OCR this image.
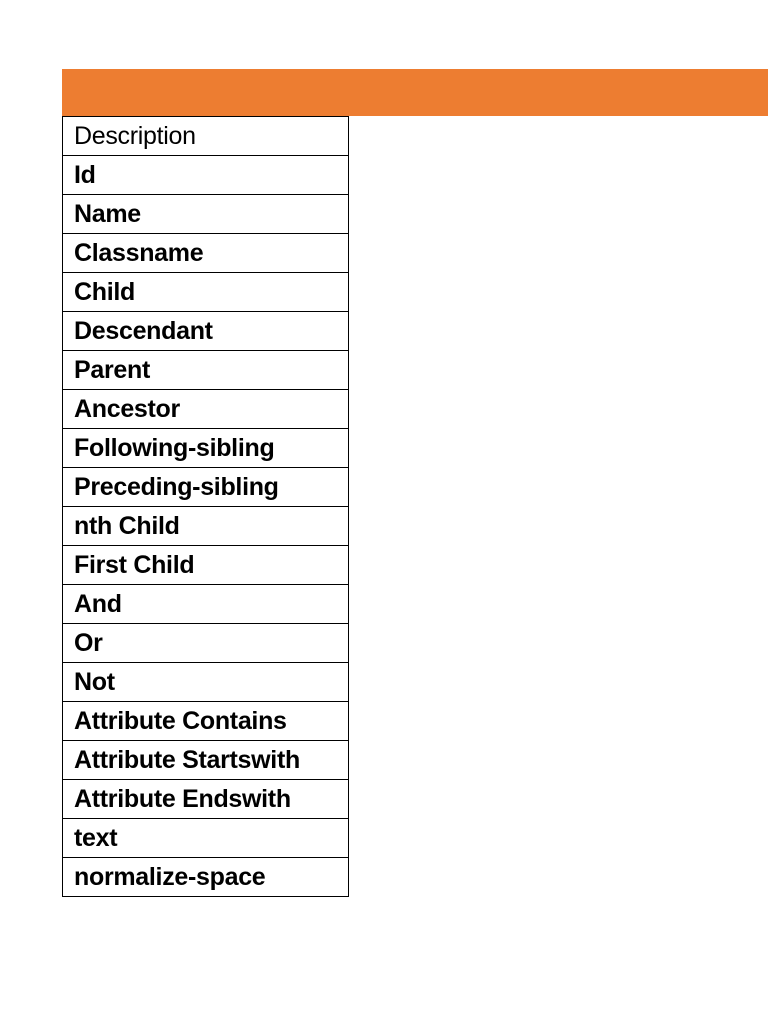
Description
Id
Name
Classname
Child
Descendant
Parent
Ancestor
Following-sibling
Preceding-sibling
nth Child
First Child
And
Or
Not
Attribute Contains
Attribute Startswith
Attribute Endswith
text
normalize-space
